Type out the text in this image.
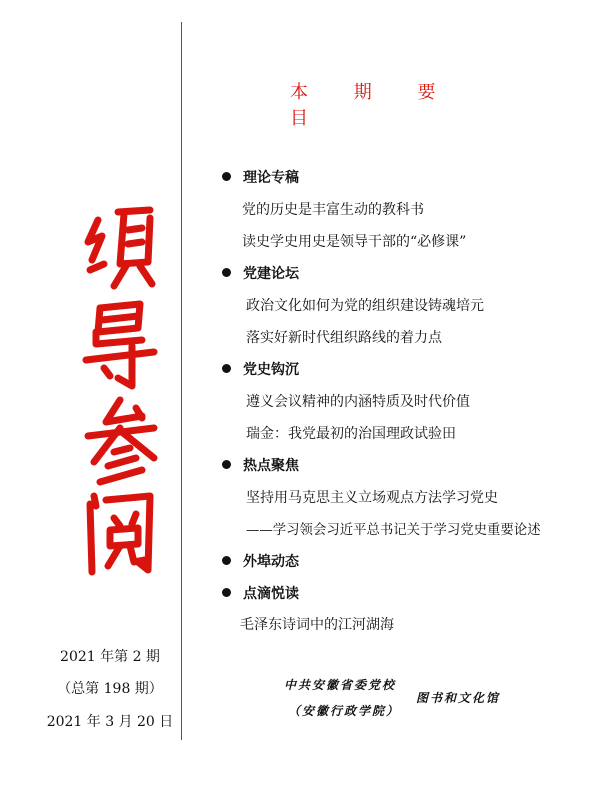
2021 年第 2 期
（总第 198 期）
2021 年 3 月 20 日
本 期 要 目
理论专稿
党的历史是丰富生动的教科书
读史学史用史是领导干部的“必修课”
党建论坛
政治文化如何为党的组织建设铸魂培元
落实好新时代组织路线的着力点
党史钩沉
遵义会议精神的内涵特质及时代价值
瑞金：我党最初的治国理政试验田
热点聚焦
坚持用马克思主义立场观点方法学习党史
——学习领会习近平总书记关于学习党史重要论述
外埠动态
点滴悦读
毛泽东诗词中的江河湖海
中共安徽省委党校
（安徽行政学院）
图书和文化馆
